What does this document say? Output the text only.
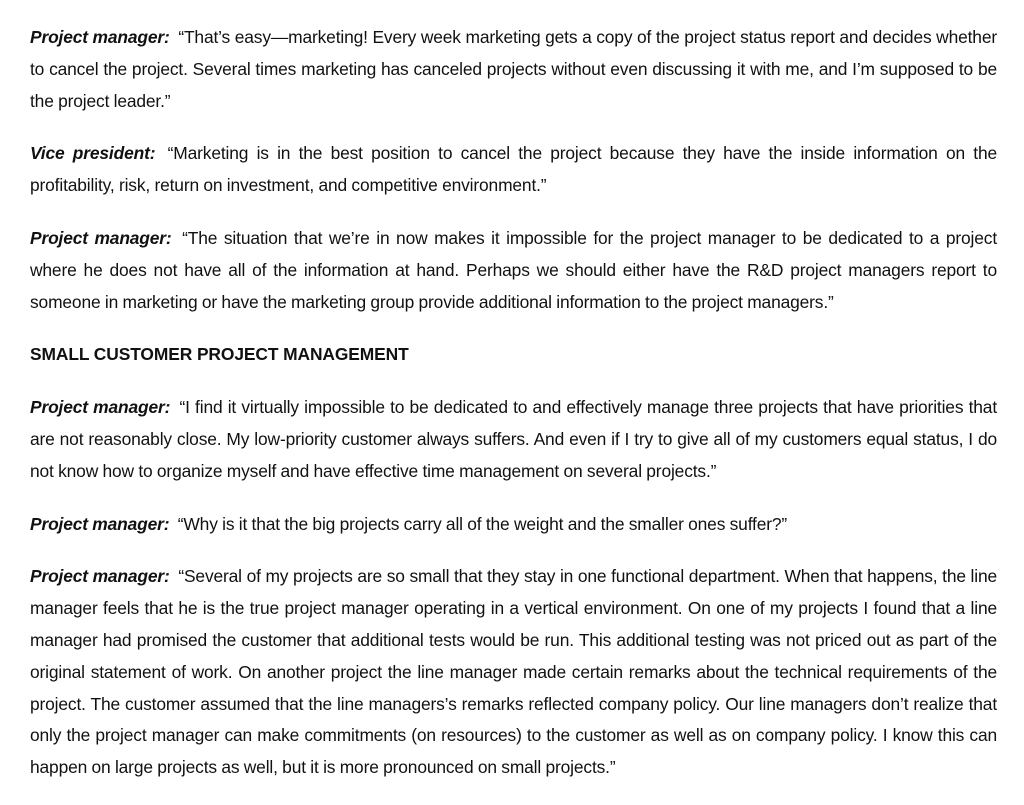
Project manager: “That’s easy—marketing! Every week marketing gets a copy of the project status report and decides whether to cancel the project. Several times marketing has canceled projects without even discussing it with me, and I’m supposed to be the project leader.”

Vice president: “Marketing is in the best position to cancel the project because they have the inside information on the profitability, risk, return on investment, and competitive environment.”

Project manager: “The situation that we’re in now makes it impossible for the project manager to be dedicated to a project where he does not have all of the information at hand. Perhaps we should either have the R&D project managers report to someone in marketing or have the marketing group provide additional information to the project managers.”

SMALL CUSTOMER PROJECT MANAGEMENT

Project manager: “I find it virtually impossible to be dedicated to and effectively manage three projects that have priorities that are not reasonably close. My low-priority customer always suffers. And even if I try to give all of my customers equal status, I do not know how to organize myself and have effective time management on several projects.”

Project manager: “Why is it that the big projects carry all of the weight and the smaller ones suffer?”

Project manager: “Several of my projects are so small that they stay in one functional department. When that happens, the line manager feels that he is the true project manager operating in a vertical environment. On one of my projects I found that a line manager had promised the customer that additional tests would be run. This additional testing was not priced out as part of the original statement of work. On another project the line manager made certain remarks about the technical requirements of the project. The customer assumed that the line managers’s remarks reflected company policy. Our line managers don’t realize that only the project manager can make commitments (on resources) to the customer as well as on company policy. I know this can happen on large projects as well, but it is more pronounced on small projects.”
